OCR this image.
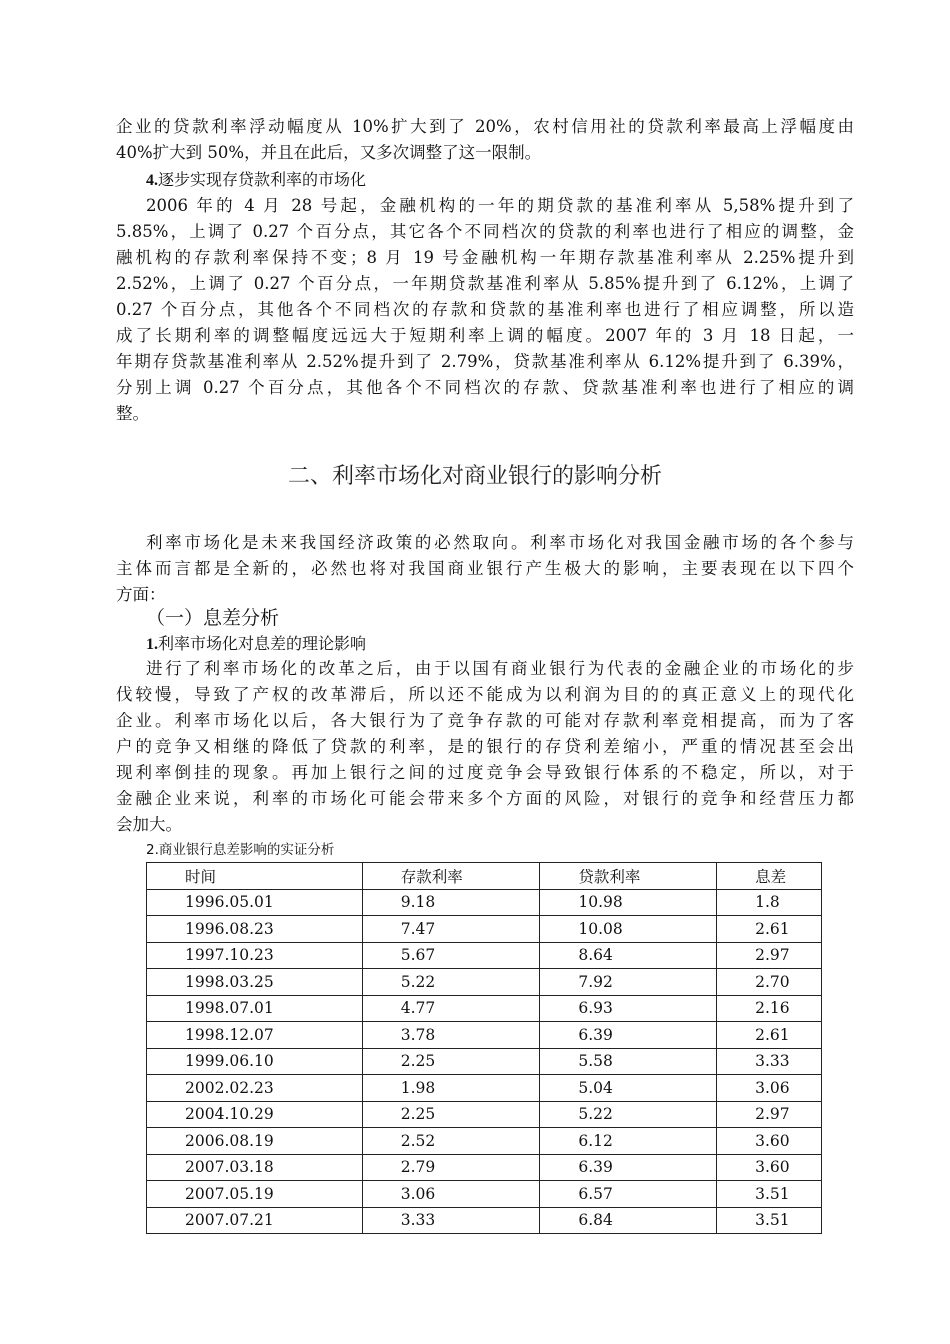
企业的贷款利率浮动幅度从 10%扩大到了 20%，农村信用社的贷款利率最高上浮幅度由
40%扩大到 50%，并且在此后，又多次调整了这一限制。
4.逐步实现存贷款利率的市场化
2006 年的 4 月 28 号起，金融机构的一年的期贷款的基准利率从 5,58%提升到了
5.85%，上调了 0.27 个百分点，其它各个不同档次的贷款的利率也进行了相应的调整，金
融机构的存款利率保持不变；8 月 19 号金融机构一年期存款基准利率从 2.25%提升到
2.52%，上调了 0.27 个百分点，一年期贷款基准利率从 5.85%提升到了 6.12%，上调了
0.27 个百分点，其他各个不同档次的存款和贷款的基准利率也进行了相应调整，所以造
成了长期利率的调整幅度远远大于短期利率上调的幅度。2007 年的 3 月 18 日起，一
年期存贷款基准利率从 2.52%提升到了 2.79%，贷款基准利率从 6.12%提升到了 6.39%，
分别上调 0.27 个百分点，其他各个不同档次的存款、贷款基准利率也进行了相应的调
整。
二、利率市场化对商业银行的影响分析
利率市场化是未来我国经济政策的必然取向。利率市场化对我国金融市场的各个参与
主体而言都是全新的，必然也将对我国商业银行产生极大的影响，主要表现在以下四个
方面：
（一）息差分析
1.利率市场化对息差的理论影响
进行了利率市场化的改革之后，由于以国有商业银行为代表的金融企业的市场化的步
伐较慢，导致了产权的改革滞后，所以还不能成为以利润为目的的真正意义上的现代化
企业。利率市场化以后，各大银行为了竞争存款的可能对存款利率竞相提高，而为了客
户的竞争又相继的降低了贷款的利率，是的银行的存贷利差缩小，严重的情况甚至会出
现利率倒挂的现象。再加上银行之间的过度竞争会导致银行体系的不稳定，所以，对于
金融企业来说，利率的市场化可能会带来多个方面的风险，对银行的竞争和经营压力都
会加大。
2.商业银行息差影响的实证分析
时间	存款利率	贷款利率	息差
1996.05.01	9.18	10.98	1.8
1996.08.23	7.47	10.08	2.61
1997.10.23	5.67	8.64	2.97
1998.03.25	5.22	7.92	2.70
1998.07.01	4.77	6.93	2.16
1998.12.07	3.78	6.39	2.61
1999.06.10	2.25	5.58	3.33
2002.02.23	1.98	5.04	3.06
2004.10.29	2.25	5.22	2.97
2006.08.19	2.52	6.12	3.60
2007.03.18	2.79	6.39	3.60
2007.05.19	3.06	6.57	3.51
2007.07.21	3.33	6.84	3.51
